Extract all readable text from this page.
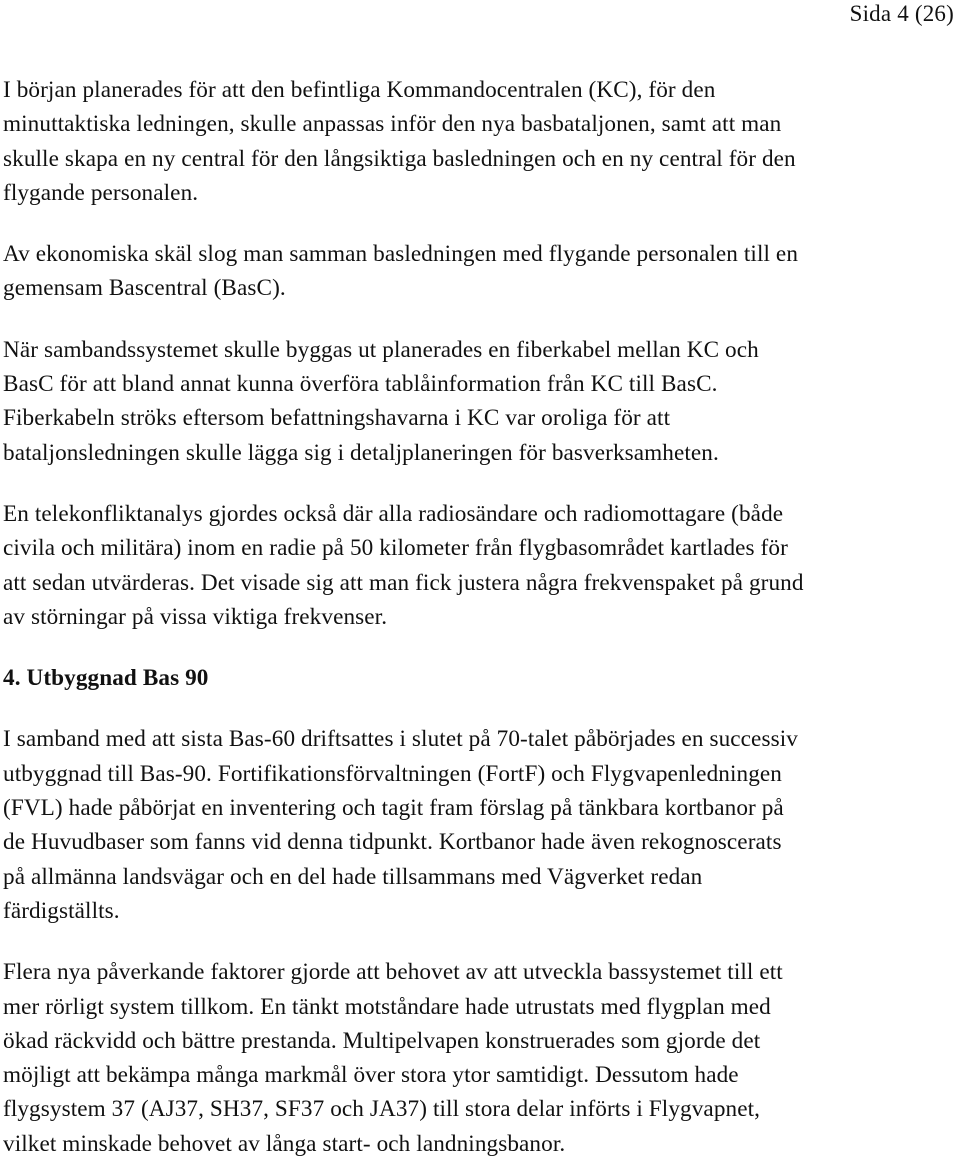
Sida 4 (26)

I början planerades för att den befintliga Kommandocentralen (KC), för den
minuttaktiska ledningen, skulle anpassas inför den nya basbataljonen, samt att man
skulle skapa en ny central för den långsiktiga basledningen och en ny central för den
flygande personalen.

Av ekonomiska skäl slog man samman basledningen med flygande personalen till en
gemensam Bascentral (BasC).

När sambandssystemet skulle byggas ut planerades en fiberkabel mellan KC och
BasC för att bland annat kunna överföra tablåinformation från KC till BasC.
Fiberkabeln ströks eftersom befattningshavarna i KC var oroliga för att
bataljonsledningen skulle lägga sig i detaljplaneringen för basverksamheten.

En telekonfliktanalys gjordes också där alla radiosändare och radiomottagare (både
civila och militära) inom en radie på 50 kilometer från flygbasområdet kartlades för
att sedan utvärderas. Det visade sig att man fick justera några frekvenspaket på grund
av störningar på vissa viktiga frekvenser.

4. Utbyggnad Bas 90

I samband med att sista Bas-60 driftsattes i slutet på 70-talet påbörjades en successiv
utbyggnad till Bas-90. Fortifikationsförvaltningen (FortF) och Flygvapenledningen
(FVL) hade påbörjat en inventering och tagit fram förslag på tänkbara kortbanor på
de Huvudbaser som fanns vid denna tidpunkt. Kortbanor hade även rekognoscerats
på allmänna landsvägar och en del hade tillsammans med Vägverket redan
färdigställts.

Flera nya påverkande faktorer gjorde att behovet av att utveckla bassystemet till ett
mer rörligt system tillkom. En tänkt motståndare hade utrustats med flygplan med
ökad räckvidd och bättre prestanda. Multipelvapen konstruerades som gjorde det
möjligt att bekämpa många markmål över stora ytor samtidigt. Dessutom hade
flygsystem 37 (AJ37, SH37, SF37 och JA37) till stora delar införts i Flygvapnet,
vilket minskade behovet av långa start- och landningsbanor.
